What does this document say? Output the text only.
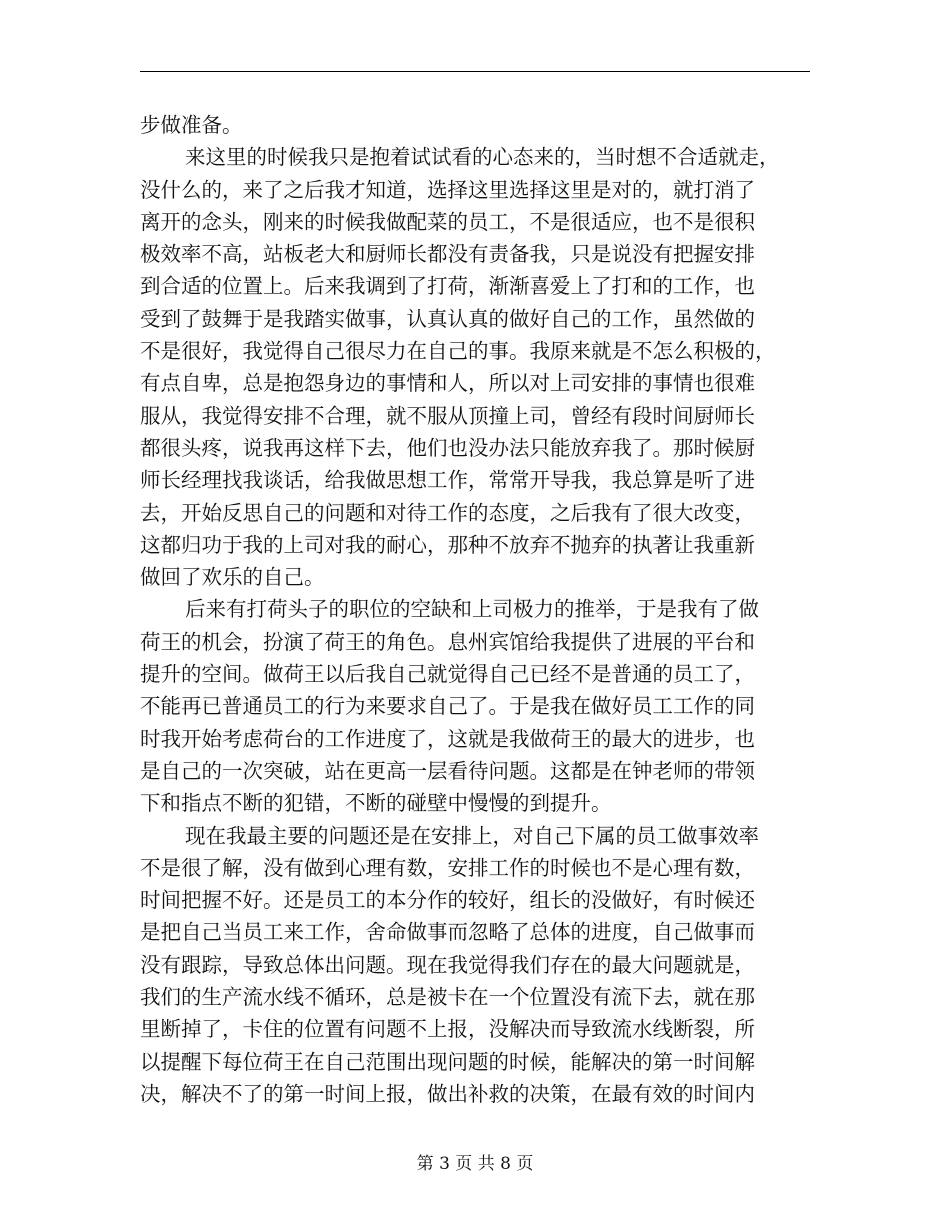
步做准备。
来这里的时候我只是抱着试试看的心态来的，当时想不合适就走，
没什么的，来了之后我才知道，选择这里选择这里是对的，就打消了
离开的念头，刚来的时候我做配菜的员工，不是很适应，也不是很积
极效率不高，站板老大和厨师长都没有责备我，只是说没有把握安排
到合适的位置上。后来我调到了打荷，渐渐喜爱上了打和的工作，也
受到了鼓舞于是我踏实做事，认真认真的做好自己的工作，虽然做的
不是很好，我觉得自己很尽力在自己的事。我原来就是不怎么积极的，
有点自卑，总是抱怨身边的事情和人，所以对上司安排的事情也很难
服从，我觉得安排不合理，就不服从顶撞上司，曾经有段时间厨师长
都很头疼，说我再这样下去，他们也没办法只能放弃我了。那时候厨
师长经理找我谈话，给我做思想工作，常常开导我，我总算是听了进
去，开始反思自己的问题和对待工作的态度，之后我有了很大改变，
这都归功于我的上司对我的耐心，那种不放弃不抛弃的执著让我重新
做回了欢乐的自己。
后来有打荷头子的职位的空缺和上司极力的推举，于是我有了做
荷王的机会，扮演了荷王的角色。息州宾馆给我提供了进展的平台和
提升的空间。做荷王以后我自己就觉得自己已经不是普通的员工了，
不能再已普通员工的行为来要求自己了。于是我在做好员工工作的同
时我开始考虑荷台的工作进度了，这就是我做荷王的最大的进步，也
是自己的一次突破，站在更高一层看待问题。这都是在钟老师的带领
下和指点不断的犯错，不断的碰壁中慢慢的到提升。
现在我最主要的问题还是在安排上，对自己下属的员工做事效率
不是很了解，没有做到心理有数，安排工作的时候也不是心理有数，
时间把握不好。还是员工的本分作的较好，组长的没做好，有时候还
是把自己当员工来工作，舍命做事而忽略了总体的进度，自己做事而
没有跟踪，导致总体出问题。现在我觉得我们存在的最大问题就是，
我们的生产流水线不循环，总是被卡在一个位置没有流下去，就在那
里断掉了，卡住的位置有问题不上报，没解决而导致流水线断裂，所
以提醒下每位荷王在自己范围出现问题的时候，能解决的第一时间解
决，解决不了的第一时间上报，做出补救的决策，在最有效的时间内
第 3 页 共 8 页
